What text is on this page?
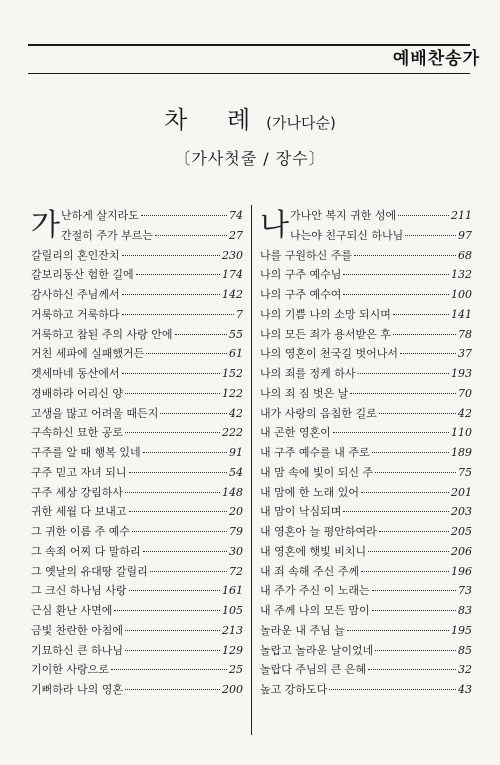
예배찬송가
차 례(가나다순)
〔가사첫줄 / 장수〕
가	나
난하게 살지라도	74
간절히 주가 부르는	27
갈릴리의 혼인잔치	230
갈보리동산 험한 길에	174
감사하신 주님께서	142
거룩하고 거룩하다	7
거룩하고 참된 주의 사랑 안에	55
거친 세파에 실패했거든	61
겟세마네 동산에서	152
경배하라 어리신 양	122
고생을 많고 어려울 때든지	42
구속하신 묘한 공로	222
구주를 알 때 행복 있네	91
구주 믿고 자녀 되니	54
구주 세상 강림하사	148
귀한 세월 다 보내고	20
그 귀한 이름 주 예수	79
그 속죄 어찌 다 말하리	30
그 옛날의 유대땅 갈릴리	72
그 크신 하나님 사랑	161
근심 환난 사면에	105
금빛 찬란한 아침에	213
기묘하신 큰 하나님	129
기이한 사랑으로	25
기뻐하라 나의 영혼	200
가나안 복지 귀한 성에	211
나는야 친구되신 하나님	97
나를 구원하신 주를	68
나의 구주 예수님	132
나의 구주 예수여	100
나의 기쁨 나의 소망 되시며	141
나의 모든 죄가 용서받은 후	78
나의 영혼이 천국길 벗어나서	37
나의 죄를 정케 하사	193
나의 죄 짐 벗은 날	70
내가 사랑의 음침한 길로	42
내 곤한 영혼이	110
내 구주 예수를 내 주로	189
내 맘 속에 빛이 되신 주	75
내 맘에 한 노래 있어	201
내 맘이 낙심되며	203
내 영혼아 늘 평안하여라	205
내 영혼에 햇빛 비치니	206
내 죄 속해 주신 주께	196
내 주가 주신 이 노래는	73
내 주께 나의 모든 맘이	83
놀라운 내 주님 늘	195
놀랍고 놀라운 날이었네	85
놀랍다 주님의 큰 은혜	32
높고 강하도다	43
